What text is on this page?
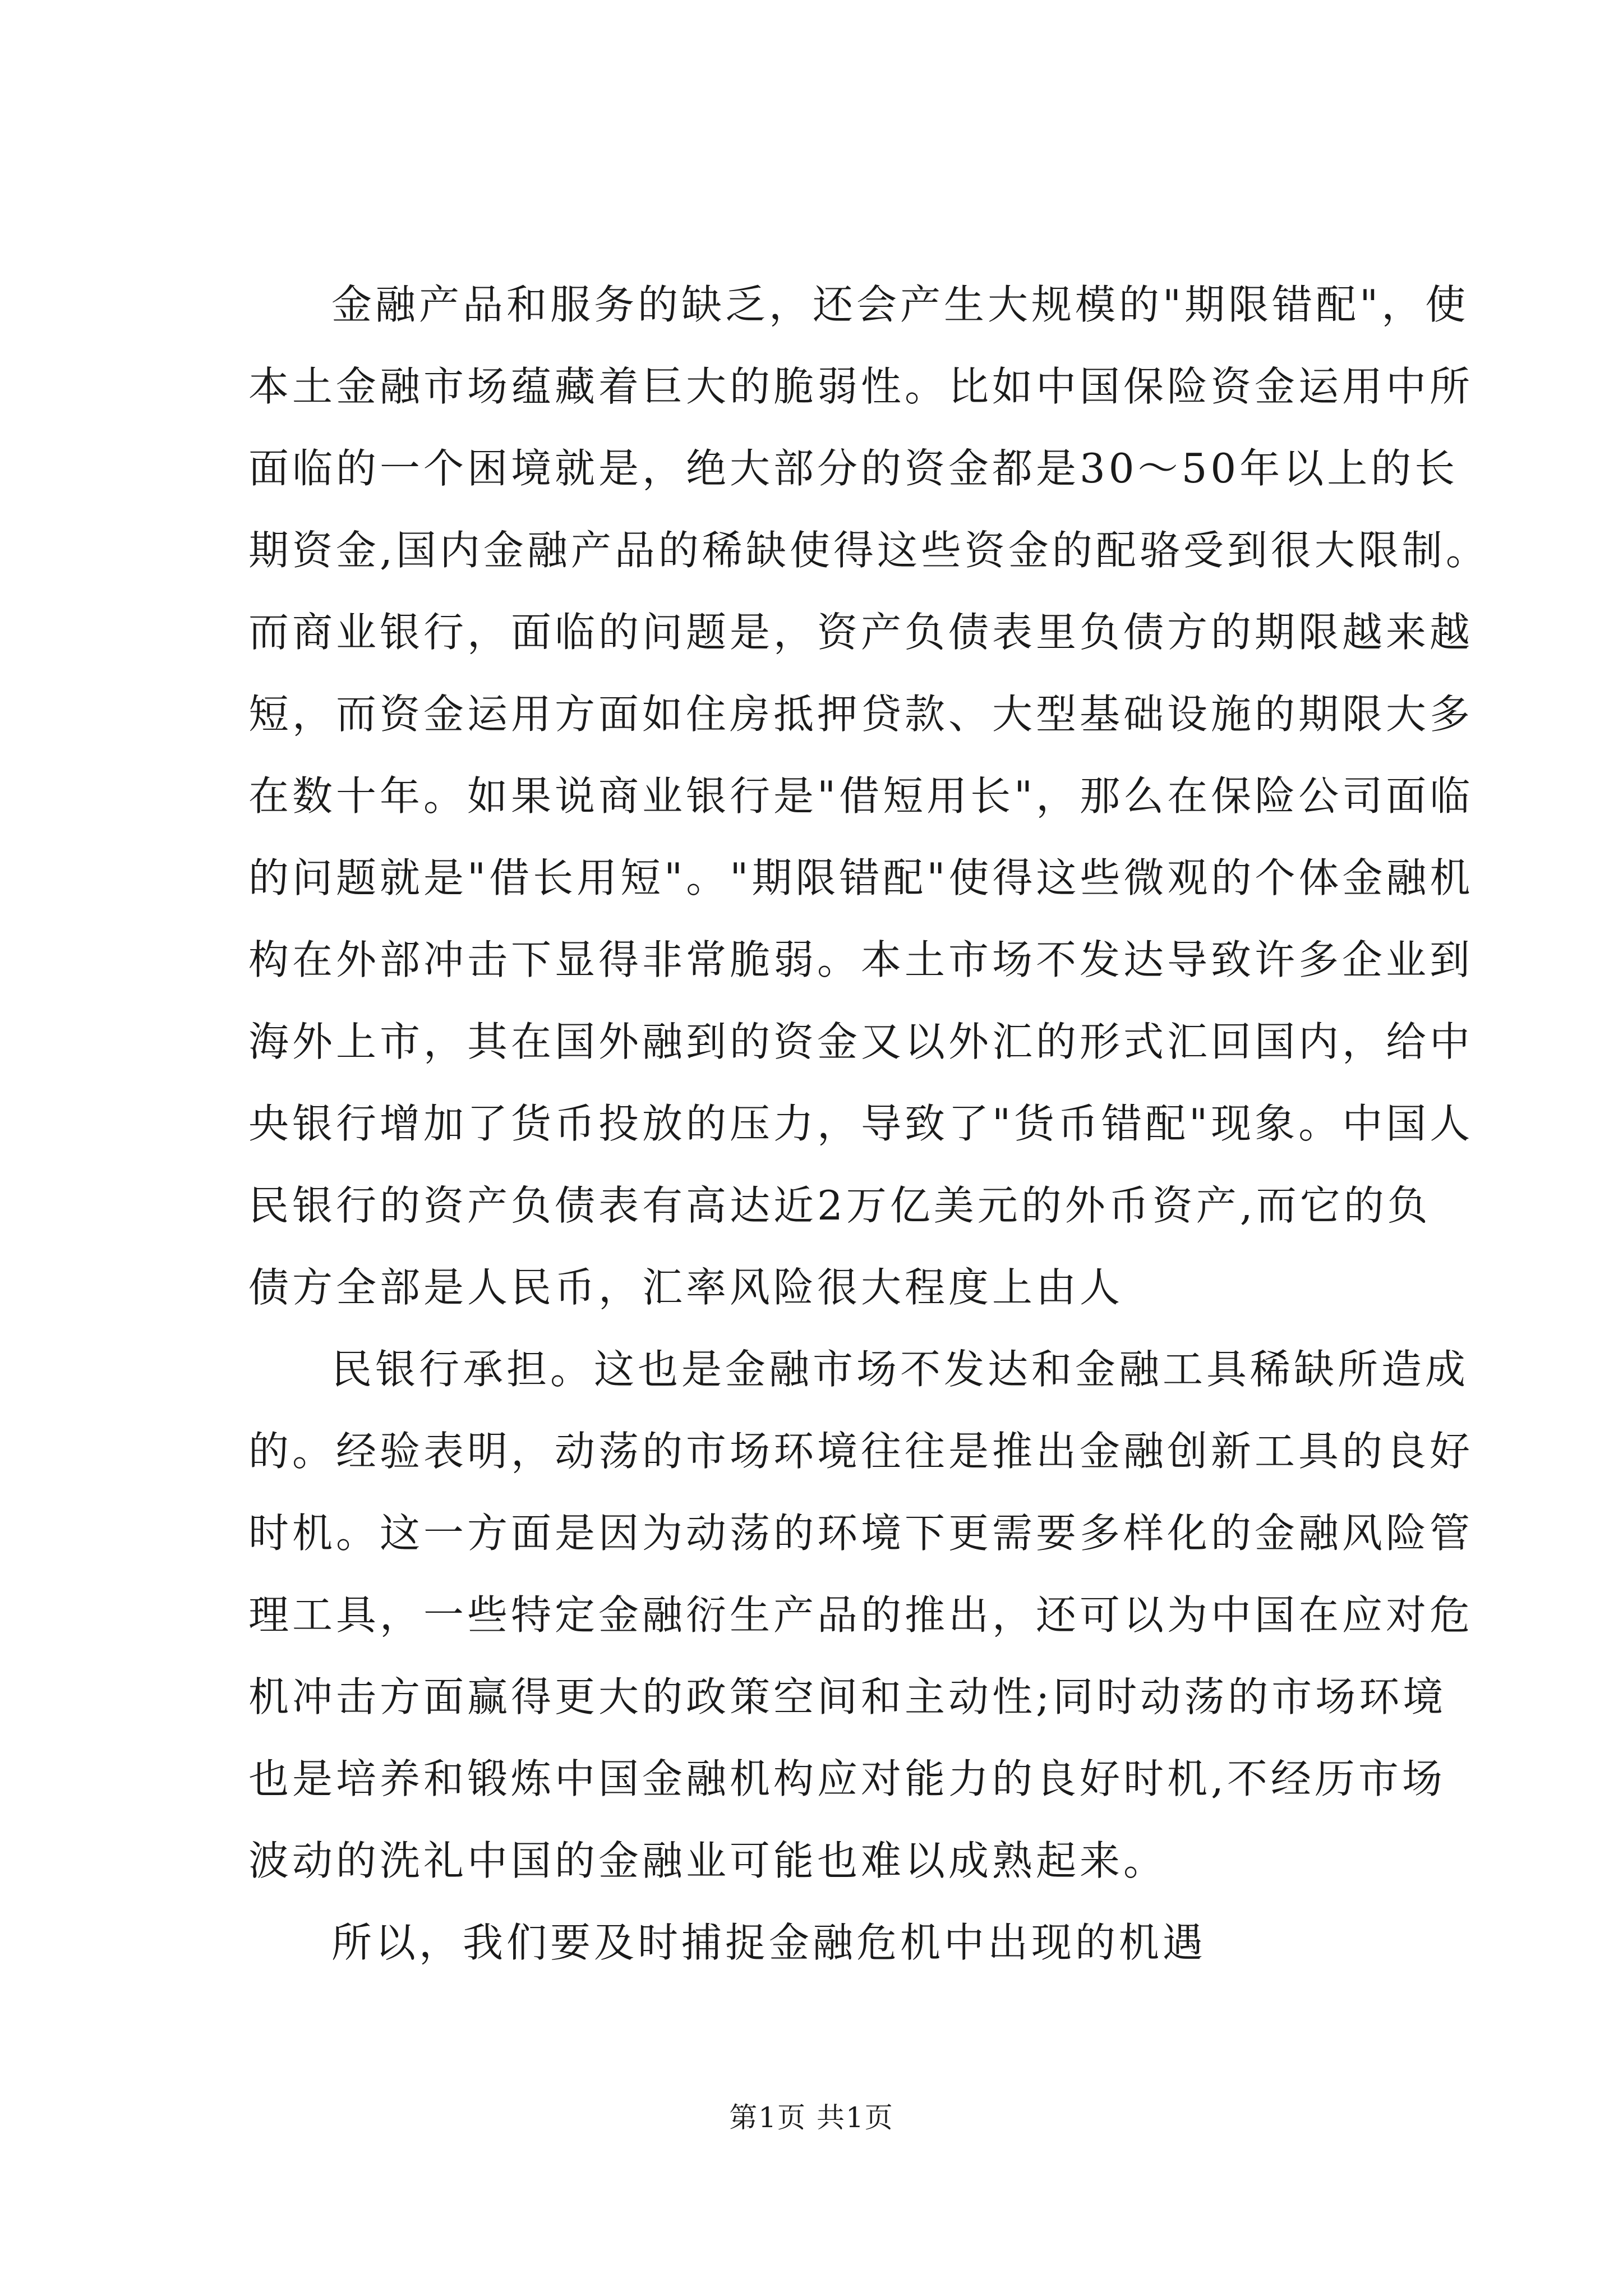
金融产品和服务的缺乏，还会产生大规模的"期限错配"，使
本土金融市场蕴藏着巨大的脆弱性。比如中国保险资金运用中所
面临的一个困境就是，绝大部分的资金都是30～50年以上的长
期资金,国内金融产品的稀缺使得这些资金的配骆受到很大限制。
而商业银行，面临的问题是，资产负债表里负债方的期限越来越
短，而资金运用方面如住房抵押贷款、大型基础设施的期限大多
在数十年。如果说商业银行是"借短用长"，那么在保险公司面临
的问题就是"借长用短"。"期限错配"使得这些微观的个体金融机
构在外部冲击下显得非常脆弱。本土市场不发达导致许多企业到
海外上市，其在国外融到的资金又以外汇的形式汇回国内，给中
央银行增加了货币投放的压力，导致了"货币错配"现象。中国人
民银行的资产负债表有高达近2万亿美元的外币资产,而它的负
债方全部是人民币，汇率风险很大程度上由人
民银行承担。这也是金融市场不发达和金融工具稀缺所造成
的。经验表明，动荡的市场环境往往是推出金融创新工具的良好
时机。这一方面是因为动荡的环境下更需要多样化的金融风险管
理工具，一些特定金融衍生产品的推出，还可以为中国在应对危
机冲击方面赢得更大的政策空间和主动性;同时动荡的市场环境
也是培养和锻炼中国金融机构应对能力的良好时机,不经历市场
波动的洗礼中国的金融业可能也难以成熟起来。
所以，我们要及时捕捉金融危机中出现的机遇
第1页 共1页
